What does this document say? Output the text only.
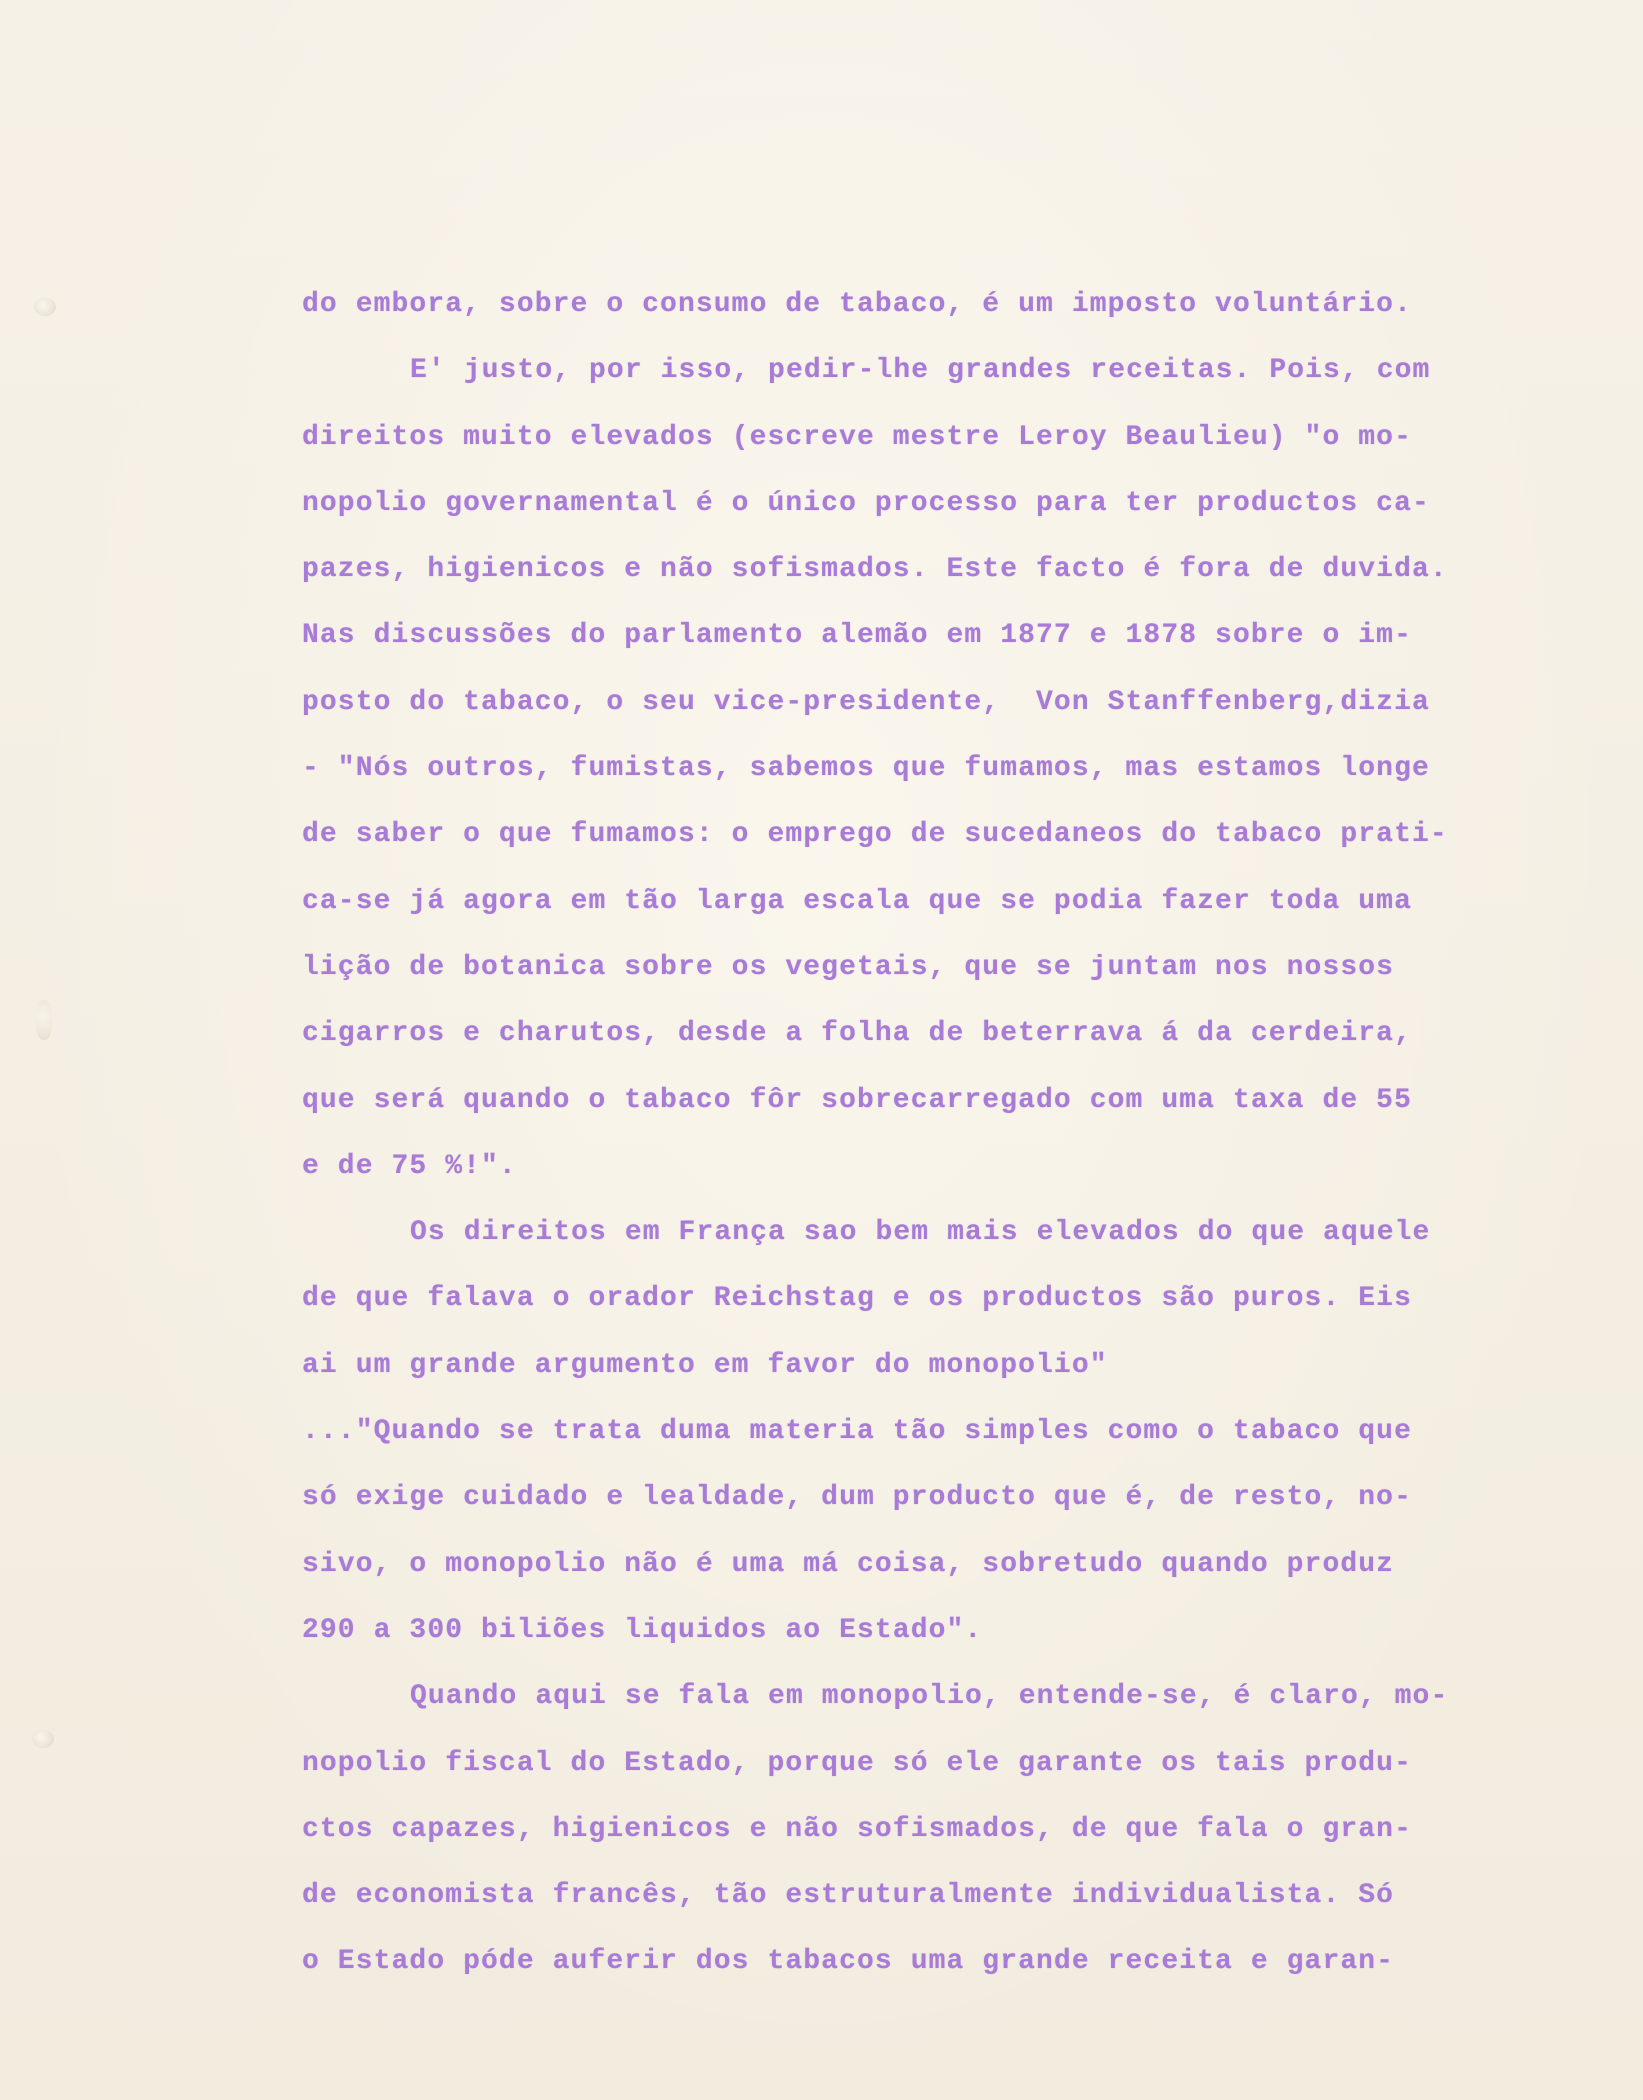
do embora, sobre o consumo de tabaco, é um imposto voluntário.
E' justo, por isso, pedir-lhe grandes receitas. Pois, com
direitos muito elevados (escreve mestre Leroy Beaulieu) "o mo-
nopolio governamental é o único processo para ter productos ca-
pazes, higienicos e não sofismados. Este facto é fora de duvida.
Nas discussões do parlamento alemão em 1877 e 1878 sobre o im-
posto do tabaco, o seu vice-presidente,  Von Stanffenberg,dizia
- "Nós outros, fumistas, sabemos que fumamos, mas estamos longe
de saber o que fumamos: o emprego de sucedaneos do tabaco prati-
ca-se já agora em tão larga escala que se podia fazer toda uma
lição de botanica sobre os vegetais, que se juntam nos nossos
cigarros e charutos, desde a folha de beterrava á da cerdeira,
que será quando o tabaco fôr sobrecarregado com uma taxa de 55
e de 75 %!".
Os direitos em França sao bem mais elevados do que aquele
de que falava o orador Reichstag e os productos são puros. Eis
ai um grande argumento em favor do monopolio"
..."Quando se trata duma materia tão simples como o tabaco que
só exige cuidado e lealdade, dum producto que é, de resto, no-
sivo, o monopolio não é uma má coisa, sobretudo quando produz
290 a 300 biliões liquidos ao Estado".
Quando aqui se fala em monopolio, entende-se, é claro, mo-
nopolio fiscal do Estado, porque só ele garante os tais produ-
ctos capazes, higienicos e não sofismados, de que fala o gran-
de economista francês, tão estruturalmente individualista. Só
o Estado póde auferir dos tabacos uma grande receita e garan-
